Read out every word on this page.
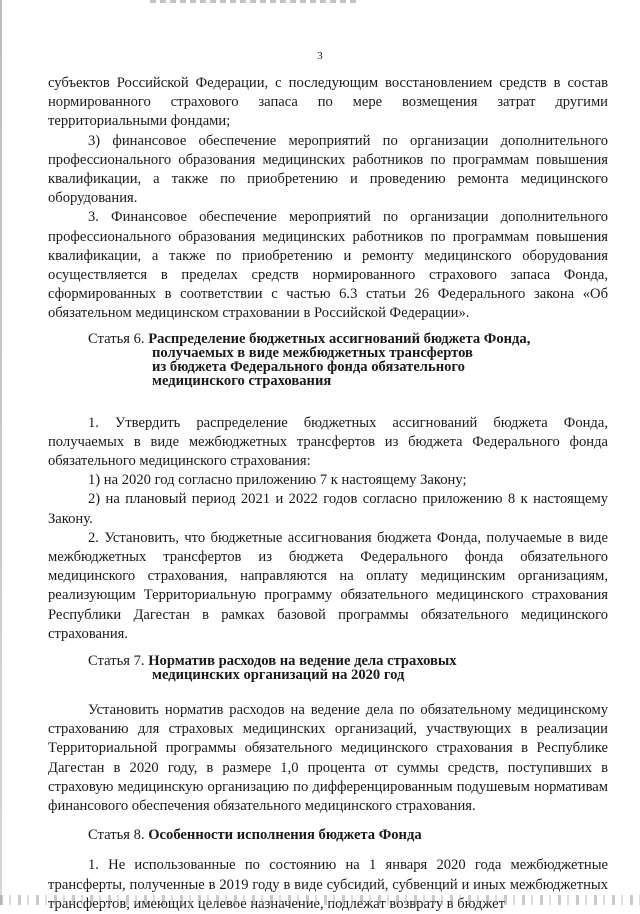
3

субъектов Российской Федерации, с последующим восстановлением средств в состав нормированного страхового запаса по мере возмещения затрат другими территориальными фондами;

3) финансовое обеспечение мероприятий по организации дополнительного профессионального образования медицинских работников по программам повышения квалификации, а также по приобретению и проведению ремонта медицинского оборудования.

3. Финансовое обеспечение мероприятий по организации дополнительного профессионального образования медицинских работников по программам повышения квалификации, а также по приобретению и ремонту медицинского оборудования осуществляется в пределах средств нормированного страхового запаса Фонда, сформированных в соответствии с частью 6.3 статьи 26 Федерального закона «Об обязательном медицинском страховании в Российской Федерации».

Статья 6. Распределение бюджетных ассигнований бюджета Фонда,
получаемых в виде межбюджетных трансфертов
из бюджета Федерального фонда обязательного
медицинского страхования

1. Утвердить распределение бюджетных ассигнований бюджета Фонда, получаемых в виде межбюджетных трансфертов из бюджета Федерального фонда обязательного медицинского страхования:

1) на 2020 год согласно приложению 7 к настоящему Закону;

2) на плановый период 2021 и 2022 годов согласно приложению 8 к настоящему Закону.

2. Установить, что бюджетные ассигнования бюджета Фонда, получаемые в виде межбюджетных трансфертов из бюджета Федерального фонда обязательного медицинского страхования, направляются на оплату медицинским организациям, реализующим Территориальную программу обязательного медицинского страхования Республики Дагестан в рамках базовой программы обязательного медицинского страхования.

Статья 7. Норматив расходов на ведение дела страховых
медицинских организаций на 2020 год

Установить норматив расходов на ведение дела по обязательному медицинскому страхованию для страховых медицинских организаций, участвующих в реализации Территориальной программы обязательного медицинского страхования в Республике Дагестан в 2020 году, в размере 1,0 процента от суммы средств, поступивших в страховую медицинскую организацию по дифференцированным подушевым нормативам финансового обеспечения обязательного медицинского страхования.

Статья 8. Особенности исполнения бюджета Фонда

1. Не использованные по состоянию на 1 января 2020 года межбюджетные трансферты, полученные в 2019 году в виде субсидий, субвенций и иных межбюджетных трансфертов, имеющих целевое назначение, подлежат возврату в бюджет
